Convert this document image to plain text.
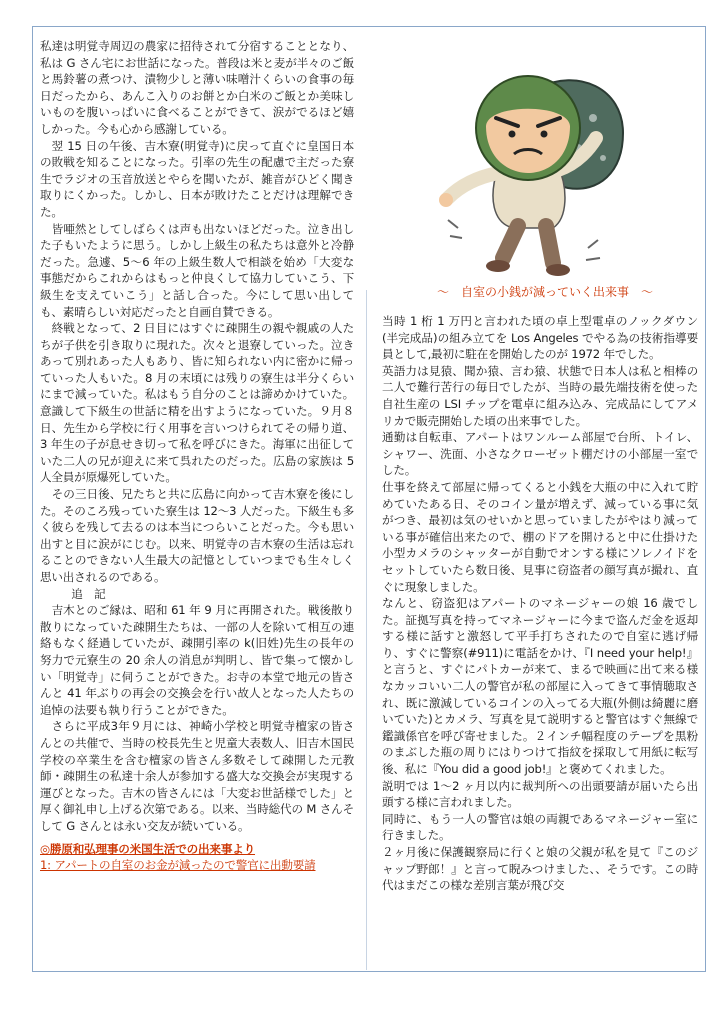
私達は明覚寺周辺の農家に招待されて分宿することとなり、私は G さん宅にお世話になった。普段は米と麦が半々のご飯と馬鈴薯の煮つけ、漬物少しと薄い味噌汁くらいの食事の毎日だったから、あんこ入りのお餅とか白米のご飯とか美味しいものを腹いっぱいに食べることができて、涙がでるほど嬉しかった。今も心から感謝している。

翌 15 日の午後、吉木寮(明覚寺)に戻って直ぐに皇国日本の敗戦を知ることになった。引率の先生の配慮で主だった寮生でラジオの玉音放送とやらを聞いたが、雑音がひどく聞き取りにくかった。しかし、日本が敗けたことだけは理解できた。

皆唖然としてしばらくは声も出ないほどだった。泣き出した子もいたように思う。しかし上級生の私たちは意外と冷静だった。急遽、5～6 年の上級生数人で相談を始め「大変な事態だからこれからはもっと仲良くして協力していこう、下級生を支えていこう」と話し合った。今にして思い出しても、素晴らしい対応だったと自画自賛できる。

終戦となって、2 日目にはすぐに疎開生の親や親戚の人たちが子供を引き取りに現れた。次々と退寮していった。泣きあって別れあった人もあり、皆に知られない内に密かに帰っていった人もいた。8 月の末頃には残りの寮生は半分くらいにまで減っていた。私はもう自分のことは諦めかけていた。意識して下級生の世話に精を出すようになっていた。９月８日、先生から学校に行く用事を言いつけられてその帰り道、3 年生の子が息せき切って私を呼びにきた。海軍に出征していた二人の兄が迎えに来て呉れたのだった。広島の家族は 5 人全員が原爆死していた。

その三日後、兄たちと共に広島に向かって吉木寮を後にした。そのころ残っていた寮生は 12～3 人だった。下級生も多く彼らを残して去るのは本当につらいことだった。今も思い出すと目に涙がにじむ。以来、明覚寺の吉木寮の生活は忘れることのできない人生最大の記憶としていつまでも生々しく思い出されるのである。

追　記

吉木とのご縁は、昭和 61 年 9 月に再開された。戦後散り散りになっていた疎開生たちは、一部の人を除いて相互の連絡もなく経過していたが、疎開引率の k(旧姓)先生の長年の努力で元寮生の 20 余人の消息が判明し、皆で集って懐かしい「明覚寺」に伺うことができた。お寺の本堂で地元の皆さんと 41 年ぶりの再会の交換会を行い故人となった人たちの追悼の法要も執り行うことができた。

さらに平成3年９月には、神崎小学校と明覚寺檀家の皆さんとの共催で、当時の校長先生と児童大表数人、旧吉木国民学校の卒業生を含む檀家の皆さん多数そして疎開した元教師・疎開生の私達十余人が参加する盛大な交換会が実現する運びとなった。吉木の皆さんには「大変お世話様でした」と厚く御礼申し上げる次第である。以来、当時総代の M さんそして G さんとは永い交友が続いている。

◎勝原和弘理事の米国生活での出来事より

1: アパートの自室のお金が減ったので警官に出動要請

～　自室の小銭が減っていく出来事　～

当時 1 桁 1 万円と言われた頃の卓上型電卓のノックダウン(半完成品)の組み立てを Los Angeles でやる為の技術指導要員として,最初に駐在を開始したのが 1972 年でした。

英語力は見猿、聞か猿、言わ猿、状態で日本人は私と相棒の二人で難行苦行の毎日でしたが、当時の最先端技術を使った自社生産の LSI チップを電卓に組み込み、完成品にしてアメリカで販売開始した頃の出来事でした。

通勤は自転車、アパートはワンルーム部屋で台所、トイレ、シャワー、洗面、小さなクローゼット棚だけの小部屋一室でした。

仕事を終えて部屋に帰ってくると小銭を大瓶の中に入れて貯めていたある日、そのコイン量が増えず、減っている事に気がつき、最初は気のせいかと思っていましたがやはり減っている事が確信出来たので、棚のドアを開けると中に仕掛けた小型カメラのシャッターが自動でオンする様にソレノイドをセットしていたら数日後、見事に窃盗者の顔写真が撮れ、直ぐに現象しました。

なんと、窃盗犯はアパートのマネージャーの娘 16 歳でした。証拠写真を持ってマネージャーに今まで盗んだ金を返却する様に話すと激怒して平手打ちされたので自室に逃げ帰り、すぐに警察(#911)に電話をかけ、『I need your help!』と言うと、すぐにパトカーが来て、まるで映画に出て来る様なカッコいい二人の警官が私の部屋に入ってきて事情聴取され、既に激減しているコインの入ってる大瓶(外側は綺麗に磨いていた)とカメラ、写真を見て説明すると警官はすぐ無線で鑑識係官を呼び寄せました。２インチ幅程度のテープを黒粉のまぶした瓶の周りにはりつけて指紋を採取して用紙に転写後、私に『You did a good job!』と褒めてくれました。

説明では 1～2 ヶ月以内に裁判所への出頭要請が届いたら出頭する様に言われました。

同時に、もう一人の警官は娘の両親であるマネージャー室に行きました。

２ヶ月後に保護観察局に行くと娘の父親が私を見て『このジャップ野郎！』と言って睨みつけました、、そうです。この時代はまだこの様な差別言葉が飛び交
